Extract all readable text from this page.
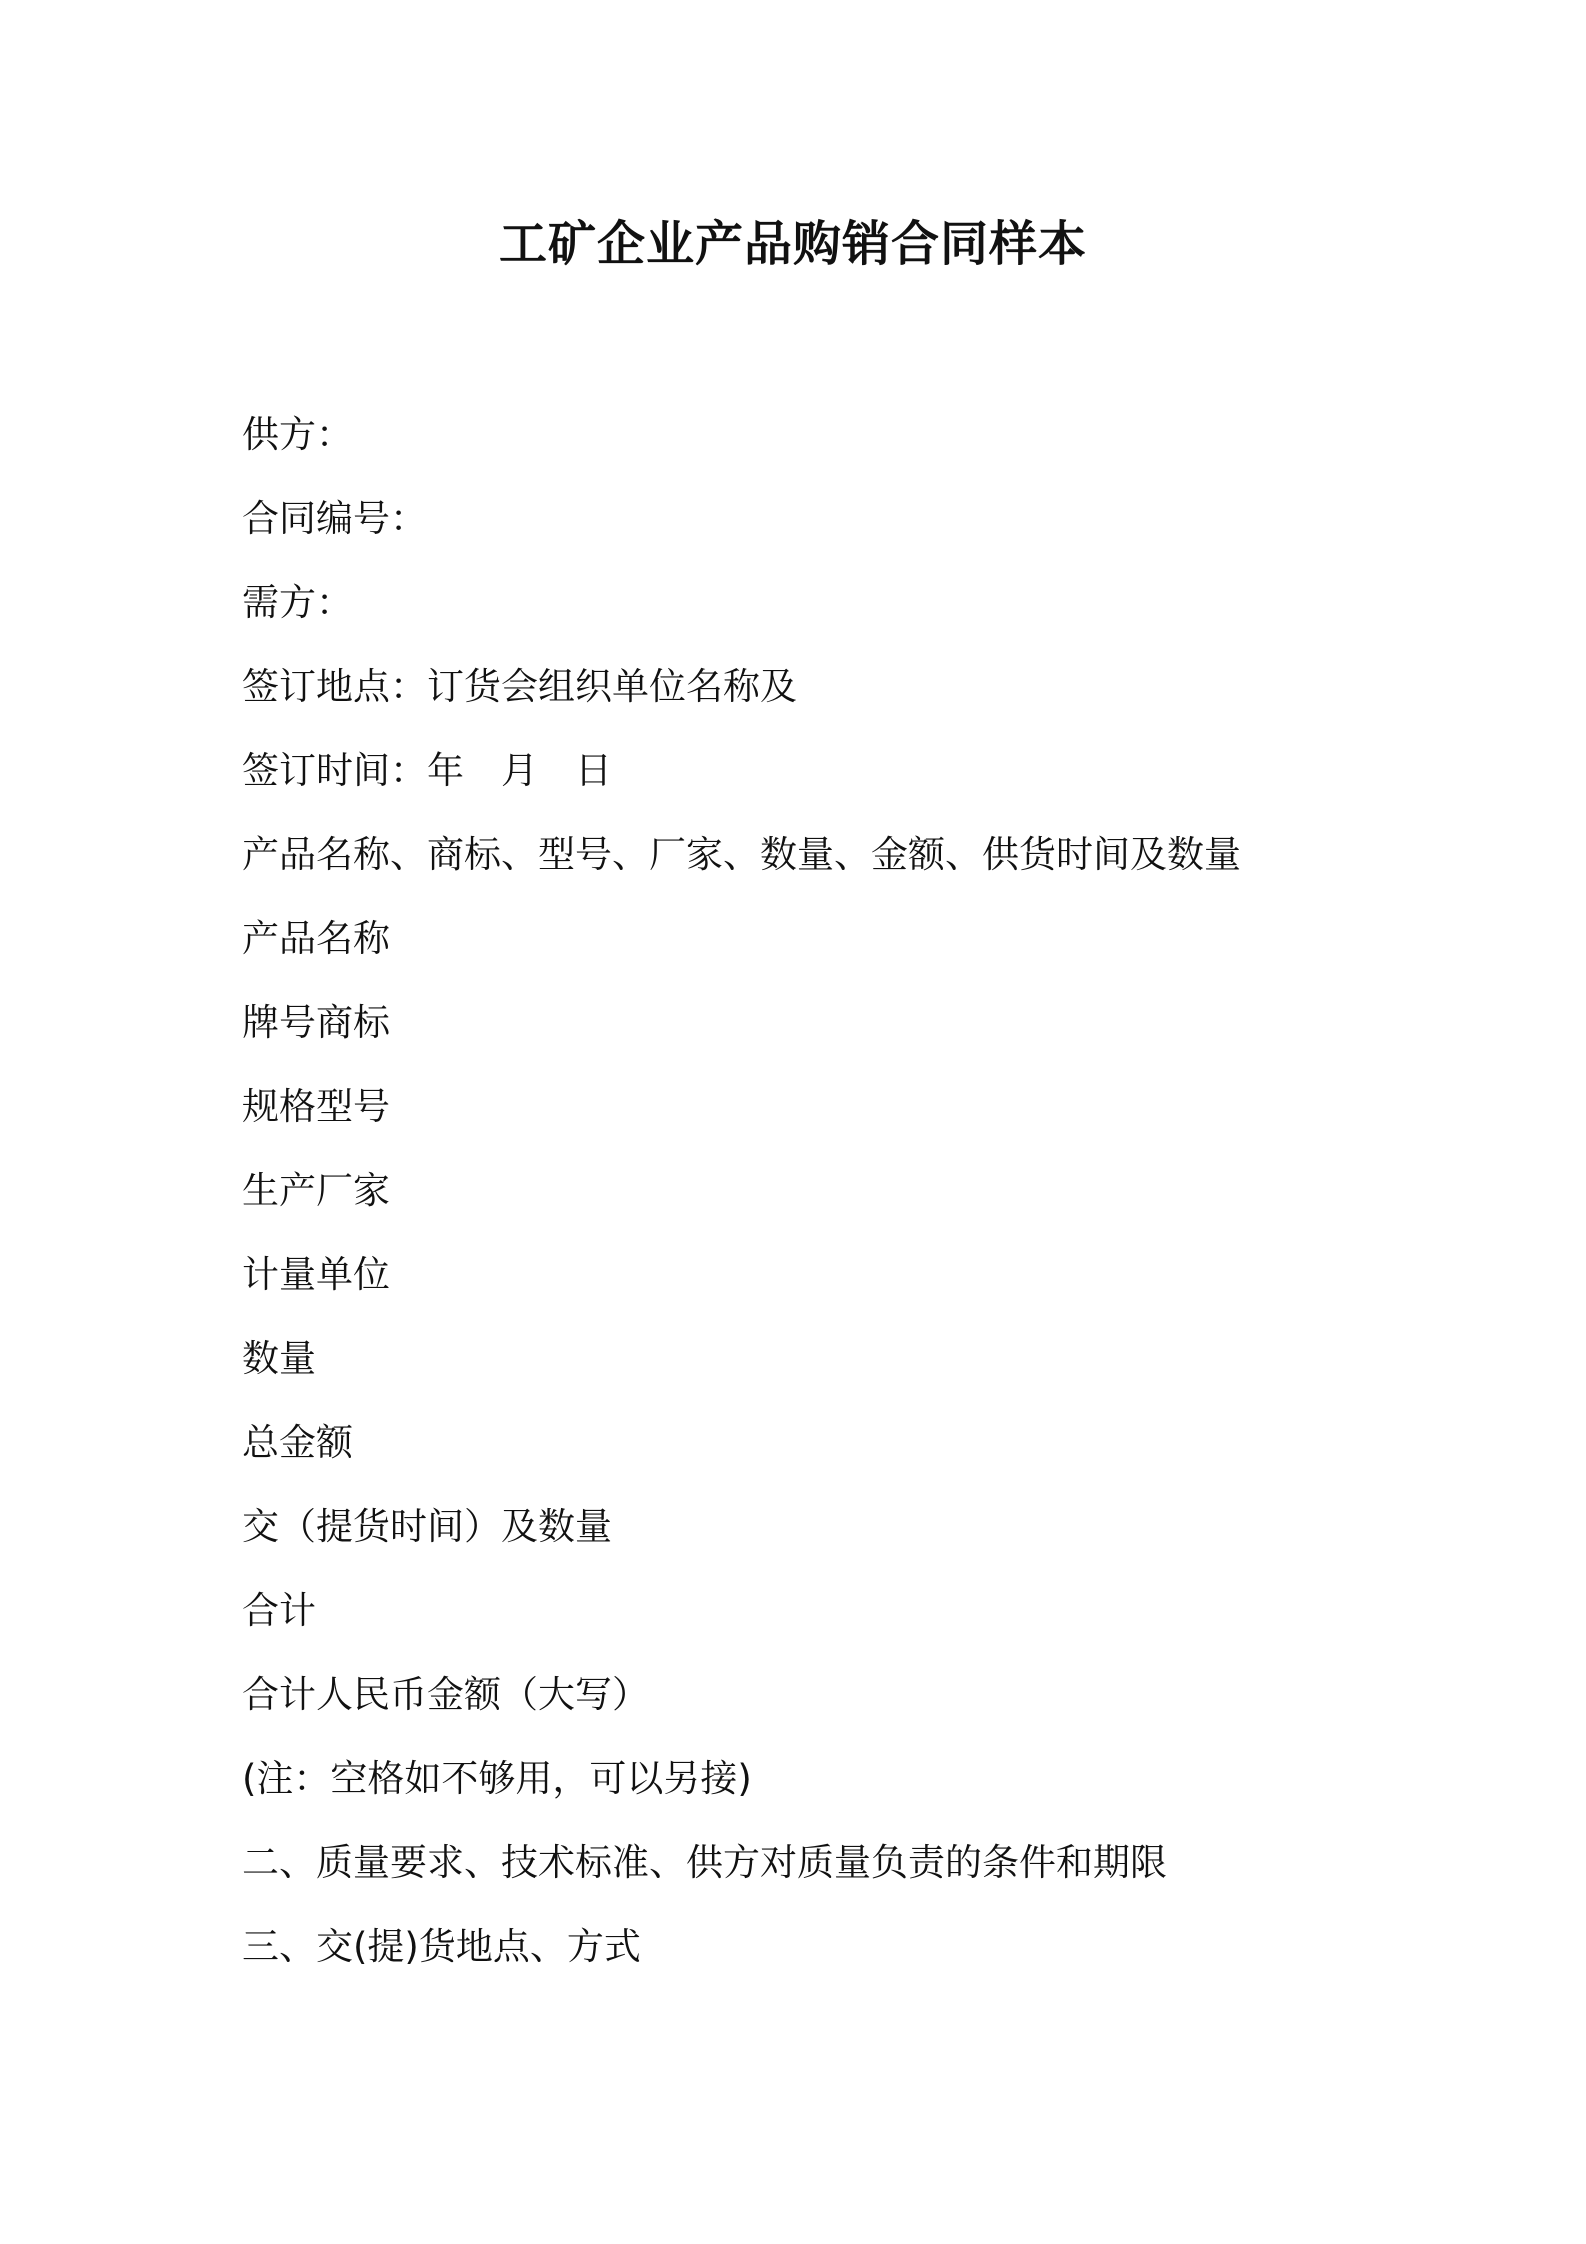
工矿企业产品购销合同样本
供方：
合同编号：
需方：
签订地点：订货会组织单位名称及
签订时间：年　月　日
产品名称、商标、型号、厂家、数量、金额、供货时间及数量
产品名称
牌号商标
规格型号
生产厂家
计量单位
数量
总金额
交（提货时间）及数量
合计
合计人民币金额（大写）
(注：空格如不够用，可以另接)
二、质量要求、技术标准、供方对质量负责的条件和期限
三、交(提)货地点、方式
